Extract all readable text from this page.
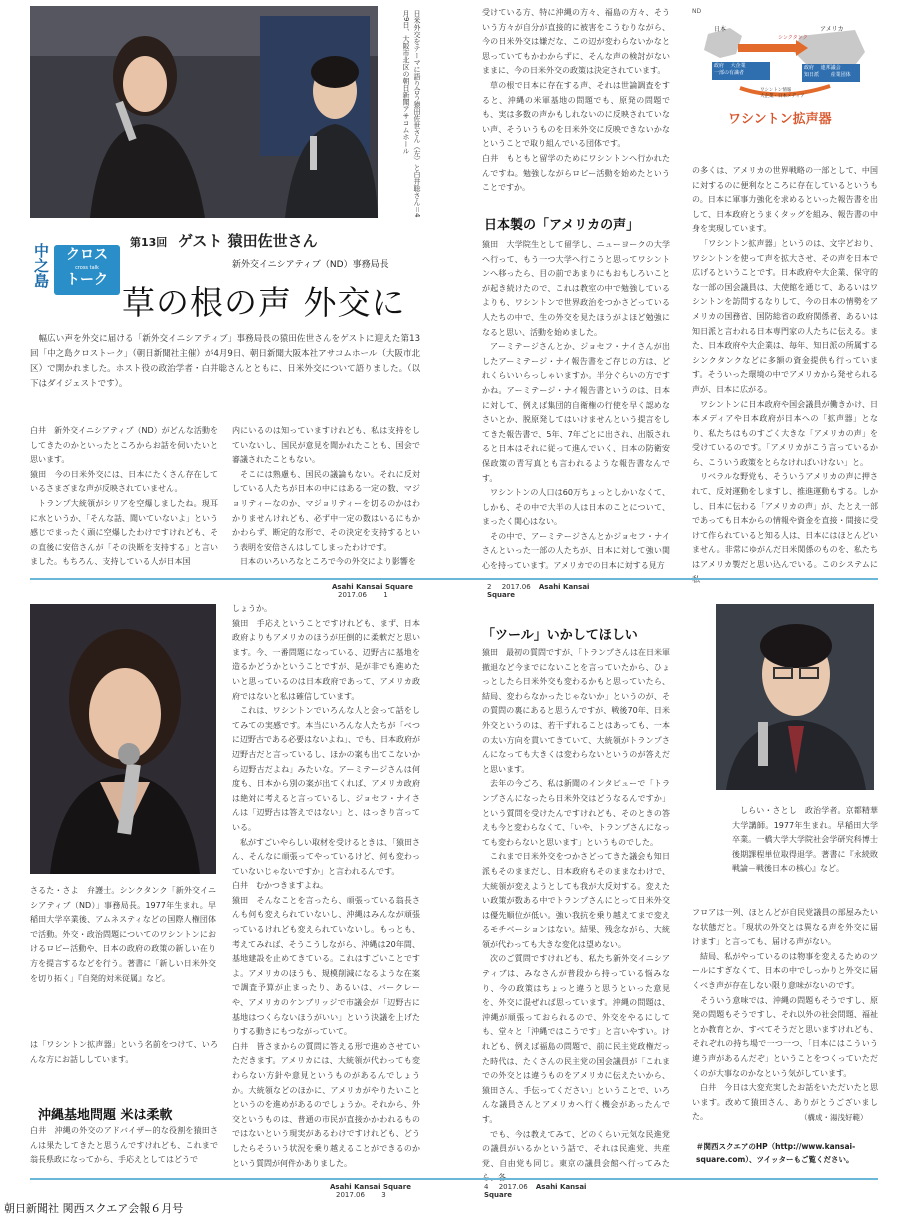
日米外交をテーマに語り合う猿田佐世さん（左）と白井聡さん＝4月9日、大阪市北区の朝日新聞アサコムホール
中之島	クロス
cross talk
トーク
第13回 ゲスト 猿田佐世さん
新外交イニシアティブ（ND）事務局長
草の根の声 外交に

幅広い声を外交に届ける「新外交イニシアティブ」事務局長の猿田佐世さんをゲストに迎えた第13回「中之島クロストーク」（朝日新聞社主催）が4月9日、朝日新聞大阪本社アサコムホール（大阪市北区）で開かれました。ホスト役の政治学者・白井聡さんとともに、日米外交について語りました。（以下はダイジェストです）。

白井　新外交イニシアティブ（ND）がどんな活動をしてきたのかといったところからお話を伺いたいと思います。

猿田　今の日米外交には、日本にたくさん存在しているさまざまな声が反映されていません。

トランプ大統領がシリアを空爆しましたね。現耳に水というか、「そんな話、聞いていないよ」という感じでまったく頭に空爆したわけですけれども、その直後に安倍さんが「その決断を支持する」と言いました。もちろん、支持している人が日本国

内にいるのは知っていますけれども、私は支持をしていないし、国民が意見を聞かれたことも、国会で審議されたこともない。

そこには熟慮も、国民の議論もない。それに反対している人たちが日本の中にはある一定の数、マジョリティーなのか、マジョリティーを切るのかはわかりませんけれども、必ず中一定の数はいるにもかかわらず、断定的な形で、その決定を支持するという表明を安倍さんはしてしまったわけです。

日本のいろいろなところで今の外交により影響を

受けている方、特に沖縄の方々、福島の方々、そういう方々が自分が直接的に被害をこうむりながら、今の日米外交は嫌だな、この辺が変わらないかなと思っていてもかわからずに、そんな声の検討がないままに、今の日米外交の政策は決定されています。

草の根で日本に存在する声、それは世論調査をすると、沖縄の米軍基地の問題でも、原発の問題でも、実は多数の声かもしれないのに反映されていない声、そういうものを日米外交に反映できないかなということで取り組んでいる団体です。

白井　もともと留学のためにワシントンへ行かれたんですね。勉強しながらロビー活動を始めたということですか。

日本製の「アメリカの声」

猿田　大学院生として留学し、ニューヨークの大学へ行って、もう一つ大学へ行こうと思ってワシントンへ移ったら、目の前であまりにもおもしろいことが起き続けたので、これは教室の中で勉強しているよりも、ワシントンで世界政治をつかさどっている人たちの中で、生の外交を見たほうがよほど勉強になると思い、活動を始めました。

アーミテージさんとか、ジョセフ・ナイさんが出したアーミテージ・ナイ報告書をご存じの方は、どれくらいいらっしゃいますか。半分ぐらいの方ですかね。アーミテージ・ナイ報告書というのは、日本に対して、例えば集団的自衛権の行使を早く認めなさいとか、脱原発してはいけませんという提言をしてきた報告書で、5年、7年ごとに出され、出版されると日本はそれに従って進んでいく、日本の防衛安保政策の青写真とも言われるような報告書なんです。

ワシントンの人口は60万ちょっとしかいなくて、しかも、その中で大半の人は日本のことについて、まったく関心はない。

その中で、アーミテージさんとかジョセフ・ナイさんといった一部の人たちが、日本に対して強い関心を持っています。アメリカでの日本に対する見方

ND
日本	アメリカ
シンクタンク
政府 　大企業
一部の有識者
政府 　連邦議会
知日派 　　産業団体
ワシントン情報
大企業・日本メディア
ワシントン拡声器

の多くは、アメリカの世界戦略の一部として、中国に対するのに便利なところに存在しているというもの。日本に軍事力強化を求めるといった報告書を出して、日本政府とうまくタッグを組み、報告書の中身を実現しています。

「ワシントン拡声器」というのは、文字どおり、ワシントンを使って声を拡大させ、その声を日本で広げるということです。日本政府や大企業、保守的な一部の国会議員は、大使館を通じて、あるいはワシントンを訪問するなりして、今の日本の情勢をアメリカの国務省、国防総省の政府関係者、あるいは知日派と言われる日本専門家の人たちに伝える。また、日本政府や大企業は、毎年、知日派の所属するシンクタンクなどに多額の資金提供も行っています。そういった環境の中でアメリカから発せられる声が、日本に広がる。

ワシントンに日本政府や国会議員が働きかけ、日本メディアや日本政府が日本への「拡声器」となり、私たちはものすごく大きな「アメリカの声」を受けているのです。「アメリカがこう言っているから、こういう政策をとらなければいけない」と。

リベラルな野党も、そういうアメリカの声に押されて、反対運動をしますし、推進運動もする。しかし、日本に伝わる「アメリカの声」が、たとえ一部であっても日本からの情報や資金を直接・間接に受けて作られていると知る人は、日本にはほとんどいません。非常にゆがんだ日米関係のものを、私たちはアメリカ製だと思い込んでいる。このシステムに

Asahi Kansai Square 2017.06 1
2 2017.06 Asahi Kansai Square

さるた・さよ　弁護士。シンクタンク「新外交イニシアティブ（ND）」事務局長。1977年生まれ。早稲田大学卒業後、アムネスティなどの国際人権団体で活動。外交・政治問題についてのワシントンにおけるロビー活動や、日本の政府の政策の新しい在り方を提言するなどを行う。著書に「新しい日米外交を切り拓く」『自発的対米従属』など。

は「ワシントン拡声器」という名前をつけて、いろんな方にお話ししています。

沖縄基地問題 米は柔軟

白井　沖縄の外交のアドバイザー的な役割を猿田さんは果たしてきたと思うんですけれども、これまで翁長県政になってから、手応えとしてはどうで

しょうか。

猿田　手応えということですけれども、まず、日本政府よりもアメリカのほうが圧倒的に柔軟だと思います。今、一番問題になっている、辺野古に基地を造るかどうかということですが、是が非でも進めたいと思っているのは日本政府であって、アメリカ政府ではないと私は確信しています。

これは、ワシントンでいろんな人と会って話をしてみての実感です。本当にいろんな人たちが「べつに辺野古である必要はないよね」、でも、日本政府が辺野古だと言っているし、ほかの案も出てこないから辺野古だよね」みたいな。アーミテージさんは何度も、日本から別の案が出てくれば、アメリカ政府は絶対に考えると言っているし、ジョセフ・ナイさんは「辺野古は答えではない」と、はっきり言っている。

私がすごいやらしい取材を受けるときは、「猿田さん、そんなに頑張ってやっているけど、何も変わっていないじゃないですか」と言われるんです。

白井　むかつきますよね。

猿田　そんなことを言ったら、頑張っている翁長さんも何も変えられていないし、沖縄はみんなが頑張っているけれども変えられていないし。もっとも、考えてみれば、そうこうしながら、沖縄は20年間、基地建設を止めてきている。これはすごいことですよ。アメリカのほうも、規模削減になるような在案で調査予算が止まったり、あるいは、バークレーや、アメリカのケンブリッジで市議会が「辺野古に基地はつくらないほうがいい」という決議を上げたりする動きにもつながっていて。

白井　皆さまからの質問に答える形で進めさせていただきます。アメリカには、大統領が代わっても変わらない方針や意見というものがあるんでしょうか。大統領などのほかに、アメリカがやりたいことというのを進めがあるのでしょうか。それから、外交というものは、普通の市民が直接かかわれるものではないという現実があるわけですけれども、どうしたらそういう状況を乗り越えることができるのかという質問が何件かありました。

「ツール」いかしてほしい

猿田　最初の質問ですが、「トランプさんは在日米軍撤退など今までにないことを言っていたから、ひょっとしたら日米外交も変わるかもと思っていたら、結局、変わらなかったじゃないか」というのが、その質問の裏にあると思うんですが、戦後70年、日米外交というのは、若干ずれることはあっても、一本の太い方向を貫いてきていて、大統領がトランプさんになっても大きくは変わらないというのが答えだと思います。

去年の今ごろ、私は新聞のインタビューで「トランプさんになったら日米外交はどうなるんですか」という質問を受けたんですけれども、そのときの答えも今と変わらなくて、「いや、トランプさんになっても変わらないと思います」というものでした。

これまで日米外交をつかさどってきた議会も知日派もそのままだし、日本政府もそのままなわけで、大統領が変えようとしても我が大反対する。変えたい政策が数ある中でトランプさんにとって日米外交は優先順位が低い。強い我抗を乗り越えてまで変えるモチベーションはない。結果、残念ながら、大統領が代わっても大きな変化は望めない。

次のご質問ですけれども、私たち新外交イニシアティブは、みなさんが普段から持っている悩みなり、今の政策はちょっと違うと思うといった意見を、外交に混ぜれば思っています。沖縄の問題は、沖縄が頑張っておられるので、外交をやるにしても、堂々と「沖縄ではこうです」と言いやすい。けれども、例えば福島の問題で、前に民主党政権だった時代は、たくさんの民主党の国会議員が「これまでの外交とは違うものをアメリカに伝えたいから、猿田さん、手伝ってください」ということで、いろんな議員さんとアメリカへ行く機会があったんです。

でも、今は教えてみて、どのくらい元気な民進党の議員がいるかという話で、それは民進党、共産党、自由党も同じ。東京の議員会館へ行ってみた

しらい・さとし　政治学者。京都精華大学講師。1977年生まれ。早稲田大学卒業。一橋大学大学院社会学研究科博士後期課程単位取得退学。著書に『永続敗戦論－戦後日本の核心』など。

フロアは一列、ほとんどが自民党議員の部屋みたいな状態だと。「現状の外交とは異なる声を外交に届けます」と言っても、届ける声がない。

結局、私がやっているのは物事を変えるためのツールにすぎなくて、日本の中でしっかりと外交に届くべき声が存在しない限り意味がないのです。

そういう意味では、沖縄の問題もそうですし、原発の問題もそうですし、それ以外の社会問題、福祉とか教育とか、すべてそうだと思いますけれども、それぞれの持ち場で一つ一つ、「日本にはこういう違う声があるんだぞ」ということをつくっていただくのが大事なのかなという気がしています。

白井　今日は大変充実したお話をいただいたと思います。改めて猿田さん、ありがとうございました。	（構成・湯浅好範）
＃関西スクエアのHP（http://www.kansai-square.com）、ツイッターもご覧ください。
Asahi Kansai Square 2017.06 3
4 2017.06 Asahi Kansai Square
朝日新聞社 関西スクエア会報６月号
